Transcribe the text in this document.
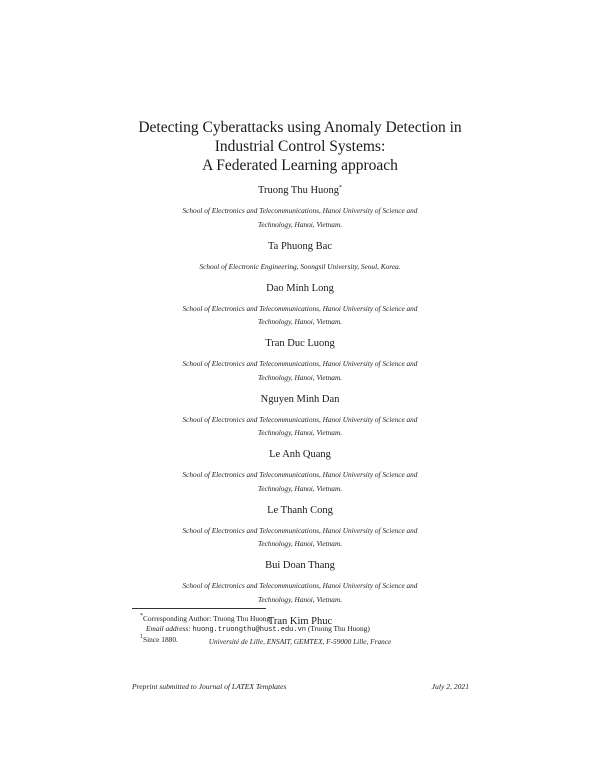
Detecting Cyberattacks using Anomaly Detection in
Industrial Control Systems:
A Federated Learning approach
Truong Thu Huong*
School of Electronics and Telecommunications, Hanoi University of Science and
Technology, Hanoi, Vietnam.
Ta Phuong Bac
School of Electronic Engineering, Soongsil University, Seoul, Korea.
Dao Minh Long
School of Electronics and Telecommunications, Hanoi University of Science and
Technology, Hanoi, Vietnam.
Tran Duc Luong
School of Electronics and Telecommunications, Hanoi University of Science and
Technology, Hanoi, Vietnam.
Nguyen Minh Dan
School of Electronics and Telecommunications, Hanoi University of Science and
Technology, Hanoi, Vietnam.
Le Anh Quang
School of Electronics and Telecommunications, Hanoi University of Science and
Technology, Hanoi, Vietnam.
Le Thanh Cong
School of Electronics and Telecommunications, Hanoi University of Science and
Technology, Hanoi, Vietnam.
Bui Doan Thang
School of Electronics and Telecommunications, Hanoi University of Science and
Technology, Hanoi, Vietnam.
Tran Kim Phuc
Université de Lille, ENSAIT, GEMTEX, F-59000 Lille, France
*Corresponding Author: Truong Thu Huong
Email address: huong.truongthu@hust.edu.vn (Truong Thu Huong)
$^1$Since 1880.
Preprint submitted to Journal of LATEX Templates	July 2, 2021
